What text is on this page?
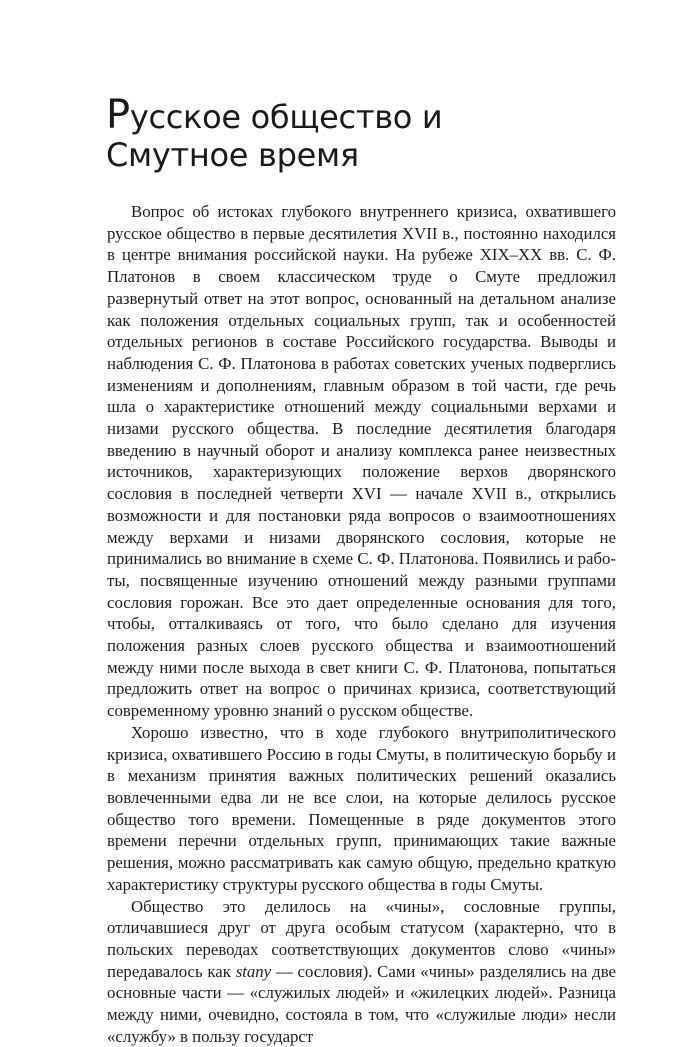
Русское общество и Смутное время

Вопрос об истоках глубокого внутреннего кризиса, охватившего русское общество в первые десятилетия XVII в., постоянно находился в центре внимания российской науки. На рубеже XIX–XX вв. С. Ф. Платонов в своем классическом труде о Смуте предложил развернутый ответ на этот вопрос, основанный на детальном анализе как положения отдельных социальных групп, так и особенностей отдельных регионов в составе Российского государства. Выводы и наблюдения С. Ф. Платонова в работах советских ученых подверглись изменениям и дополнениям, главным образом в той части, где речь шла о характеристике отношений между социальными верхами и низами русского общества. В последние десятилетия благодаря введению в научный оборот и анализу комплекса ранее неизвестных источников, характеризующих положение верхов дворянского сословия в последней четверти XVI — начале XVII в., открылись возможности и для постановки ряда вопросов о взаимоотношениях между верхами и низами дворянского сословия, которые не принимались во внимание в схеме С. Ф. Платонова. Появились и работы, посвященные изучению отношений между разными группами сословия горожан. Все это дает определенные основания для того, чтобы, отталкиваясь от того, что было сделано для изучения положения разных слоев русского общества и взаимоотношений между ними после выхода в свет книги С. Ф. Платонова, попытаться предложить ответ на вопрос о причинах кризиса, соответствующий современному уровню знаний о русском обществе.

Хорошо известно, что в ходе глубокого внутриполитического кризиса, охватившего Россию в годы Смуты, в политическую борьбу и в механизм принятия важных политических решений оказались вовлеченными едва ли не все слои, на которые делилось русское общество того времени. Помещенные в ряде документов этого времени перечни отдельных групп, принимающих такие важные решения, можно рассматривать как самую общую, предельно краткую характеристику структуры русского общества в годы Смуты.

Общество это делилось на «чины», сословные группы, отличавшиеся друг от друга особым статусом (характерно, что в польских переводах соответствующих документов слово «чины» передавалось как stany — сословия). Сами «чины» разделялись на две основные части — «служилых людей» и «жилецких людей». Разница между ними, очевидно, состояла в том, что «служилые люди» несли «службу» в пользу государст
